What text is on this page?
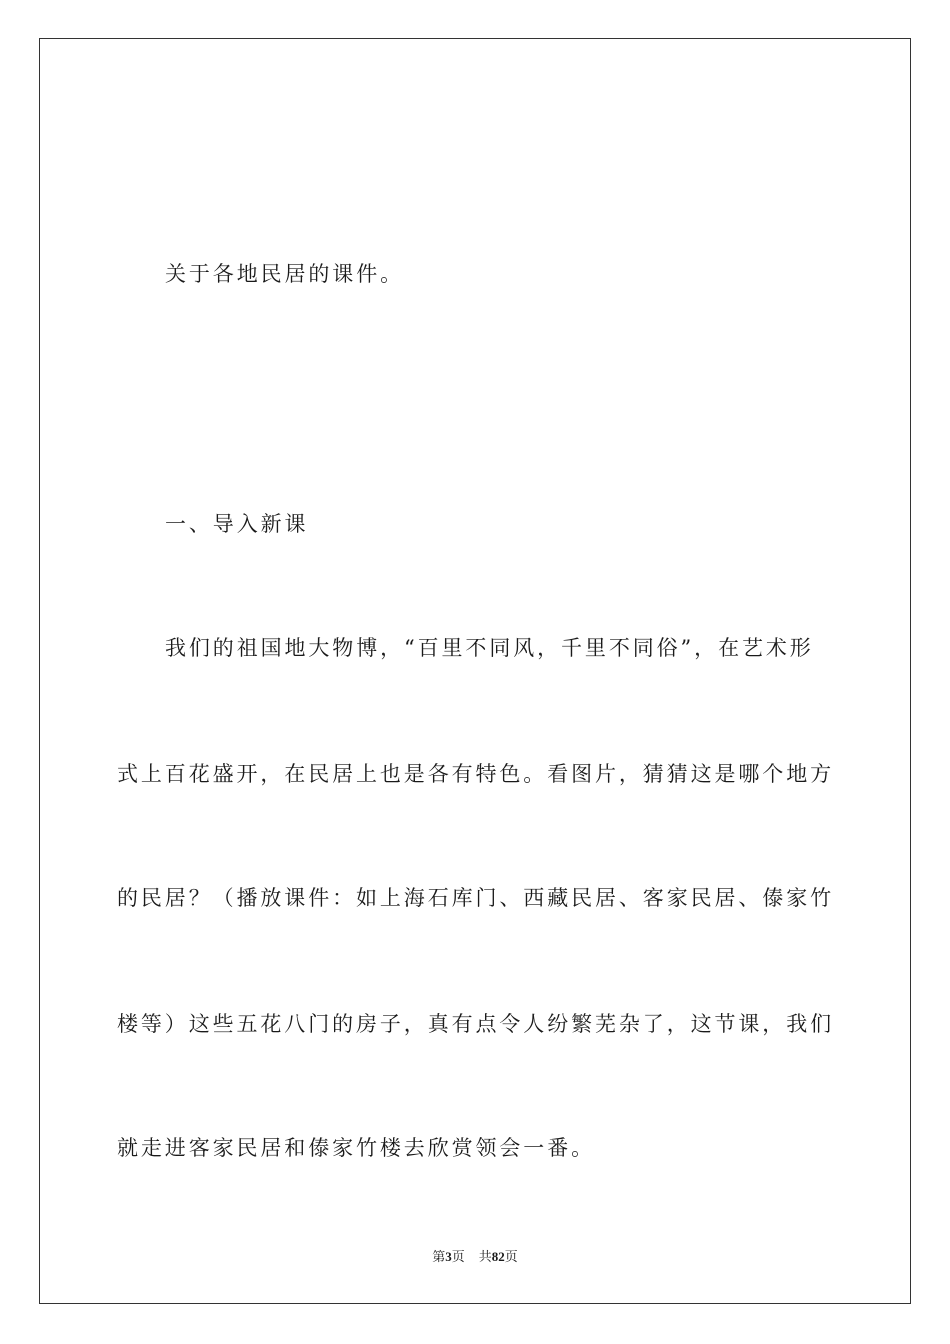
关于各地民居的课件。
一、导入新课
我们的祖国地大物博，“百里不同风，千里不同俗”，在艺术形
式上百花盛开，在民居上也是各有特色。看图片，猜猜这是哪个地方
的民居？（播放课件：如上海石库门、西藏民居、客家民居、傣家竹
楼等）这些五花八门的房子，真有点令人纷繁芜杂了，这节课，我们
就走进客家民居和傣家竹楼去欣赏领会一番。
第3页 共82页
